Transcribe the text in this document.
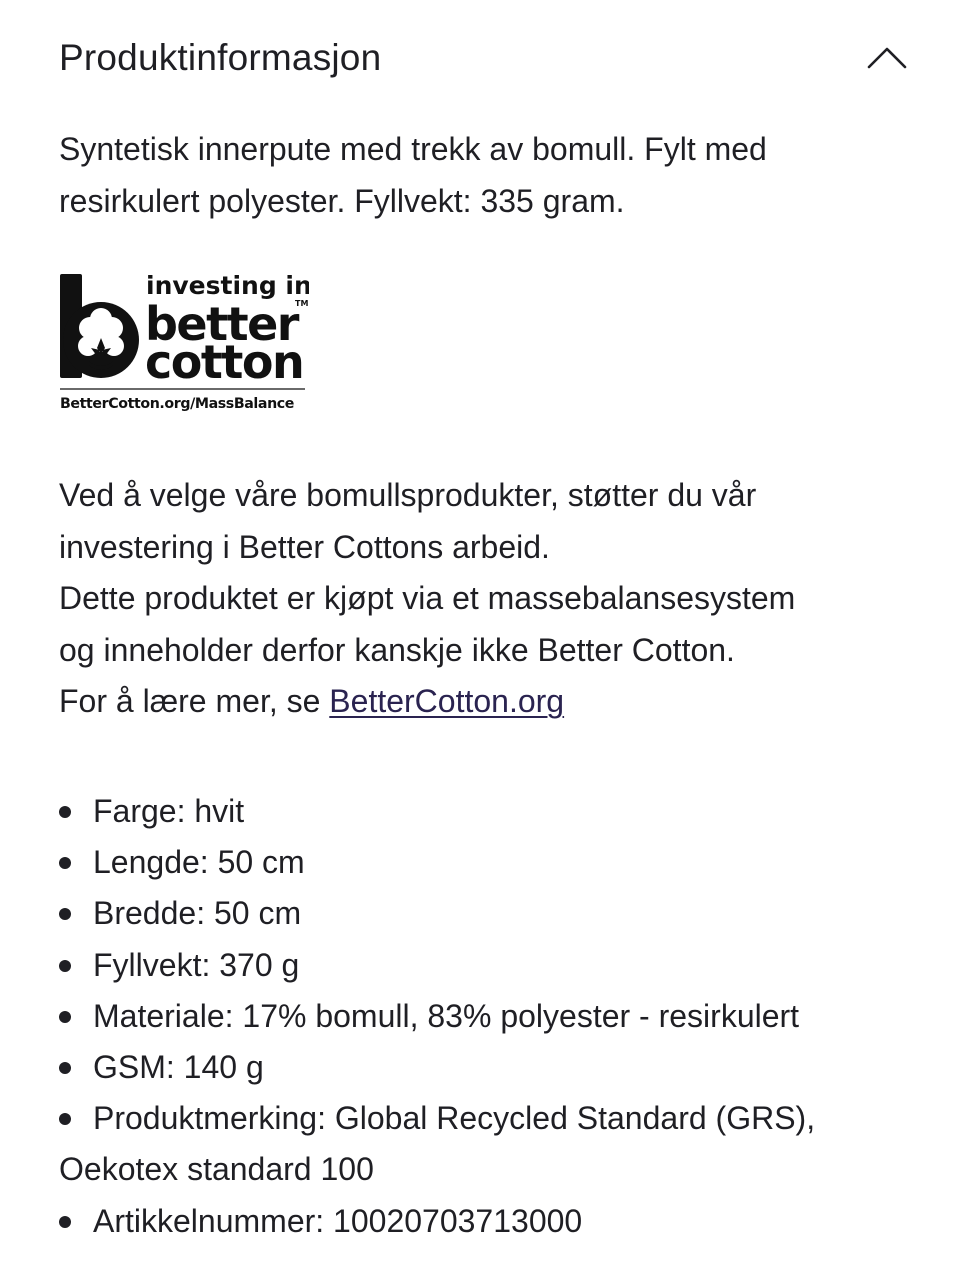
Produktinformasjon

Syntetisk innerpute med trekk av bomull. Fylt med

resirkulert polyester. Fyllvekt: 335 gram.

investing in
TM
better
cotton
BetterCotton.org/MassBalance
Ved å velge våre bomullsprodukter, støtter du vår
investering i Better Cottons arbeid.
Dette produktet er kjøpt via et massebalansesystem
og inneholder derfor kanskje ikke Better Cotton.
For å lære mer, se BetterCotton.org
Farge: hvit
Lengde: 50 cm
Bredde: 50 cm
Fyllvekt: 370 g
Materiale: 17% bomull, 83% polyester - resirkulert
GSM: 140 g
Produktmerking: Global Recycled Standard (GRS),
Oekotex standard 100
Artikkelnummer: 10020703713000
